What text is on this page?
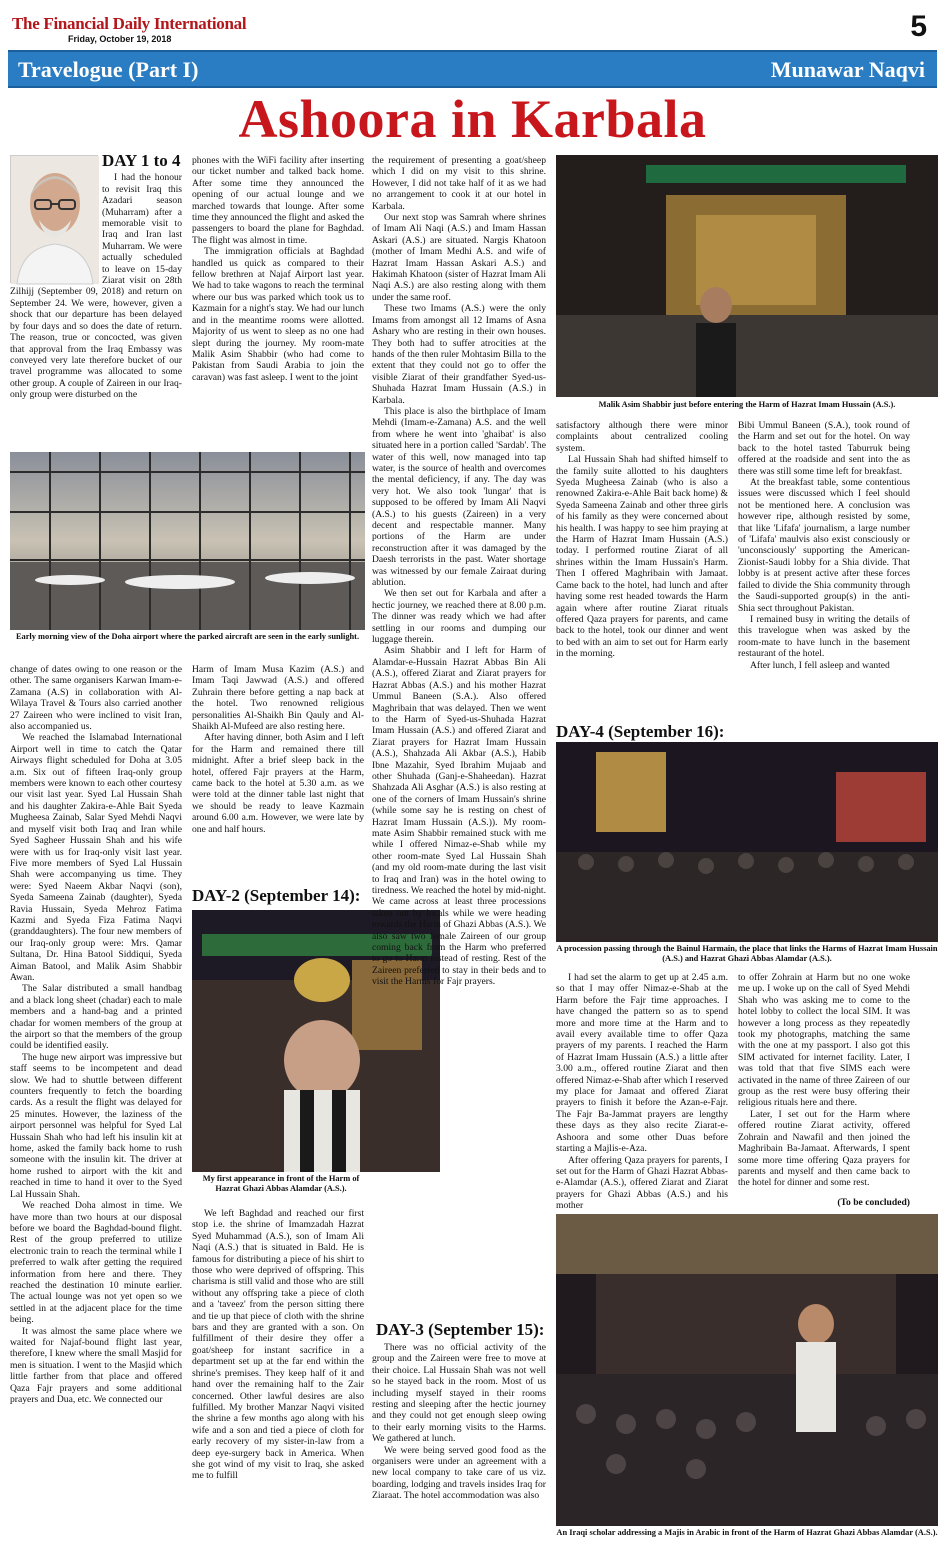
The Financial Daily International
Friday, October 19, 2018	5
Travelogue (Part I)	Munawar Naqvi
Ashoora in Karbala
DAY 1 to 4

I had the honour to revisit Iraq this Azadari season (Muharram) after a memorable visit to Iraq and Iran last Muharram. We were actually scheduled to leave on 15-day Ziarat visit on 28th Zilhijj (September 09, 2018) and return on September 24. We were, however, given a shock that our departure has been delayed by four days and so does the date of return. The reason, true or concocted, was given that approval from the Iraq Embassy was conveyed very late therefore bucket of our travel programme was allocated to some other group. A couple of Zaireen in our Iraq-only group were disturbed on the

Early morning view of the Doha airport where the parked aircraft are seen in the early sunlight.

change of dates owing to one reason or the other. The same organisers Karwan Imam-e-Zamana (A.S) in collaboration with Al-Wilaya Travel & Tours also carried another 27 Zaireen who were inclined to visit Iran, also accompanied us.

We reached the Islamabad International Airport well in time to catch the Qatar Airways flight scheduled for Doha at 3.05 a.m. Six out of fifteen Iraq-only group members were known to each other courtesy our visit last year. Syed Lal Hussain Shah and his daughter Zakira-e-Ahle Bait Syeda Mugheesa Zainab, Salar Syed Mehdi Naqvi and myself visit both Iraq and Iran while Syed Sagheer Hussain Shah and his wife were with us for Iraq-only visit last year. Five more members of Syed Lal Hussain Shah were accompanying us time. They were: Syed Naeem Akbar Naqvi (son), Syeda Sameena Zainab (daughter), Syeda Ravia Hussain, Syeda Mehroz Fatima Kazmi and Syeda Fiza Fatima Naqvi (granddaughters). The four new members of our Iraq-only group were: Mrs. Qamar Sultana, Dr. Hina Batool Siddiqui, Syeda Aiman Batool, and Malik Asim Shabbir Awan.

The Salar distributed a small handbag and a black long sheet (chadar) each to male members and a hand-bag and a printed chadar for women members of the group at the airport so that the members of the group could be identified easily.

The huge new airport was impressive but staff seems to be incompetent and dead slow. We had to shuttle between different counters frequently to fetch the boarding cards. As a result the flight was delayed for 25 minutes. However, the laziness of the airport personnel was helpful for Syed Lal Hussain Shah who had left his insulin kit at home, asked the family back home to rush someone with the insulin kit. The driver at home rushed to airport with the kit and reached in time to hand it over to the Syed Lal Hussain Shah.

We reached Doha almost in time. We have more than two hours at our disposal before we board the Baghdad-bound flight. Rest of the group preferred to utilize electronic train to reach the terminal while I preferred to walk after getting the required information from here and there. They reached the destination 10 minute earlier. The actual lounge was not yet open so we settled in at the adjacent place for the time being.

It was almost the same place where we waited for Najaf-bound flight last year, therefore, I knew where the small Masjid for men is situation. I went to the Masjid which little farther from that place and offered Qaza Fajr prayers and some additional prayers and Dua, etc. We connected our

phones with the WiFi facility after inserting our ticket number and talked back home. After some time they announced the opening of our actual lounge and we marched towards that lounge. After some time they announced the flight and asked the passengers to board the plane for Baghdad. The flight was almost in time.

The immigration officials at Baghdad handled us quick as compared to their fellow brethren at Najaf Airport last year. We had to take wagons to reach the terminal where our bus was parked which took us to Kazmain for a night's stay. We had our lunch and in the meantime rooms were allotted. Majority of us went to sleep as no one had slept during the journey. My room-mate Malik Asim Shabbir (who had come to Pakistan from Saudi Arabia to join the caravan) was fast asleep. I went to the joint

Harm of Imam Musa Kazim (A.S.) and Imam Taqi Jawwad (A.S.) and offered Zuhrain there before getting a nap back at the hotel. Two renowned religious personalities Al-Shaikh Bin Qauly and Al-Shaikh Al-Mufeed are also resting here.

After having dinner, both Asim and I left for the Harm and remained there till midnight. After a brief sleep back in the hotel, offered Fajr prayers at the Harm, came back to the hotel at 5.30 a.m. as we were told at the dinner table last night that we should be ready to leave Kazmain around 6.00 a.m. However, we were late by one and half hours.

DAY-2 (September 14):
My first appearance in front of the Harm of Hazrat Ghazi Abbas Alamdar (A.S.).

We left Baghdad and reached our first stop i.e. the shrine of Imamzadah Hazrat Syed Muhammad (A.S.), son of Imam Ali Naqi (A.S.) that is situated in Bald. He is famous for distributing a piece of his shirt to those who were deprived of offspring. This charisma is still valid and those who are still without any offspring take a piece of cloth and a 'taveez' from the person sitting there and tie up that piece of cloth with the shrine bars and they are granted with a son. On fulfillment of their desire they offer a goat/sheep for instant sacrifice in a department set up at the far end within the shrine's premises. They keep half of it and hand over the remaining half to the Zair concerned. Other lawful desires are also fulfilled. My brother Manzar Naqvi visited the shrine a few months ago along with his wife and a son and tied a piece of cloth for early recovery of my sister-in-law from a deep eye-surgery back in America. When she got wind of my visit to Iraq, she asked me to fulfill

the requirement of presenting a goat/sheep which I did on my visit to this shrine. However, I did not take half of it as we had no arrangement to cook it at our hotel in Karbala.

Our next stop was Samrah where shrines of Imam Ali Naqi (A.S.) and Imam Hassan Askari (A.S.) are situated. Nargis Khatoon (mother of Imam Medhi A.S. and wife of Hazrat Imam Hassan Askari A.S.) and Hakimah Khatoon (sister of Hazrat Imam Ali Naqi A.S.) are also resting along with them under the same roof.

These two Imams (A.S.) were the only Imams from amongst all 12 Imams of Asna Ashary who are resting in their own houses. They both had to suffer atrocities at the hands of the then ruler Mohtasim Billa to the extent that they could not go to offer the visible Ziarat of their grandfather Syed-us-Shuhada Hazrat Imam Hussain (A.S.) in Karbala.

This place is also the birthplace of Imam Mehdi (Imam-e-Zamana) A.S. and the well from where he went into 'ghaibat' is also situated here in a portion called 'Sardab'. The water of this well, now managed into tap water, is the source of health and overcomes the mental deficiency, if any. The day was very hot. We also took 'lungar' that is supposed to be offered by Imam Ali Naqvi (A.S.) to his guests (Zaireen) in a very decent and respectable manner. Many portions of the Harm are under reconstruction after it was damaged by the Daesh terrorists in the past. Water shortage was witnessed by our female Zairaat during ablution.

We then set out for Karbala and after a hectic journey, we reached there at 8.00 p.m. The dinner was ready which we had after settling in our rooms and dumping our luggage therein.

Asim Shabbir and I left for Harm of Alamdar-e-Hussain Hazrat Abbas Bin Ali (A.S.), offered Ziarat and Ziarat prayers for Hazrat Abbas (A.S.) and his mother Hazrat Ummul Baneen (S.A.). Also offered Maghribain that was delayed. Then we went to the Harm of Syed-us-Shuhada Hazrat Imam Hussain (A.S.) and offered Ziarat and Ziarat prayers for Hazrat Imam Hussain (A.S.), Shahzada Ali Akbar (A.S.), Habib Ibne Mazahir, Syed Ibrahim Mujaab and other Shuhada (Ganj-e-Shaheedan). Hazrat Shahzada Ali Asghar (A.S.) is also resting at one of the corners of Imam Hussain's shrine (while some say he is resting on chest of Hazrat Imam Hussain (A.S.)). My room-mate Asim Shabbir remained stuck with me while I offered Nimaz-e-Shab while my other room-mate Syed Lal Hussain Shah (and my old room-mate during the last visit to Iraq and Iran) was in the hotel owing to tiredness. We reached the hotel by mid-night. We came across at least three processions taken out by locals while we were heading towards the Harm of Ghazi Abbas (A.S.). We also saw two female Zaireen of our group coming back from the Harm who preferred to go to Harm instead of resting. Rest of the Zaireen preferred to stay in their beds and to visit the Harms for Fajr prayers.

DAY-3 (September 15):

There was no official activity of the group and the Zaireen were free to move at their choice. Lal Hussain Shah was not well so he stayed back in the room. Most of us including myself stayed in their rooms resting and sleeping after the hectic journey and they could not get enough sleep owing to their early morning visits to the Harms. We gathered at lunch.

We were being served good food as the organisers were under an agreement with a new local company to take care of us viz. boarding, lodging and travels insides Iraq for Ziaraat. The hotel accommodation was also

Malik Asim Shabbir just before entering the Harm of Hazrat Imam Hussain (A.S.).

satisfactory although there were minor complaints about centralized cooling system.

Lal Hussain Shah had shifted himself to the family suite allotted to his daughters Syeda Mugheesa Zainab (who is also a renowned Zakira-e-Ahle Bait back home) & Syeda Sameena Zainab and other three girls of his family as they were concerned about his health. I was happy to see him praying at the Harm of Hazrat Imam Hussain (A.S.) today. I performed routine Ziarat of all shrines within the Imam Hussain's Harm. Then I offered Maghribain with Jamaat. Came back to the hotel, had lunch and after having some rest headed towards the Harm again where after routine Ziarat rituals offered Qaza prayers for parents, and came back to the hotel, took our dinner and went to bed with an aim to set out for Harm early in the morning.

DAY-4 (September 16):

Bibi Ummul Baneen (S.A.), took round of the Harm and set out for the hotel. On way back to the hotel tasted Taburruk being offered at the roadside and sent into the as there was still some time left for breakfast.

At the breakfast table, some contentious issues were discussed which I feel should not be mentioned here. A conclusion was however ripe, although resisted by some, that like 'Lifafa' journalism, a large number of 'Lifafa' maulvis also exist consciously or 'unconsciously' supporting the American-Zionist-Saudi lobby for a Shia divide. That lobby is at present active after these forces failed to divide the Shia community through the Saudi-supported group(s) in the anti-Shia sect throughout Pakistan.

I remained busy in writing the details of this travelogue when was asked by the room-mate to have lunch in the basement restaurant of the hotel.

After lunch, I fell asleep and wanted

A procession passing through the Bainul Harmain, the place that links the Harms of Hazrat Imam Hussain (A.S.) and Hazrat Ghazi Abbas Alamdar (A.S.).

I had set the alarm to get up at 2.45 a.m. so that I may offer Nimaz-e-Shab at the Harm before the Fajr time approaches. I have changed the pattern so as to spend more and more time at the Harm and to avail every available time to offer Qaza prayers of my parents. I reached the Harm of Hazrat Imam Hussain (A.S.) a little after 3.00 a.m., offered routine Ziarat and then offered Nimaz-e-Shab after which I reserved my place for Jamaat and offered Ziarat prayers to finish it before the Azan-e-Fajr. The Fajr Ba-Jammat prayers are lengthy these days as they also recite Ziarat-e-Ashoora and some other Duas before starting a Majlis-e-Aza.

After offering Qaza prayers for parents, I set out for the Harm of Ghazi Hazrat Abbas-e-Alamdar (A.S.), offered Ziarat and Ziarat prayers for Ghazi Abbas (A.S.) and his mother

to offer Zohrain at Harm but no one woke me up. I woke up on the call of Syed Mehdi Shah who was asking me to come to the hotel lobby to collect the local SIM. It was however a long process as they repeatedly took my photographs, matching the same with the one at my passport. I also got this SIM activated for internet facility. Later, I was told that that five SIMS each were activated in the name of three Zaireen of our group as the rest were busy offering their religious rituals here and there.

Later, I set out for the Harm where offered routine Ziarat activity, offered Zohrain and Nawafil and then joined the Maghribain Ba-Jamaat. Afterwards, I spent some more time offering Qaza prayers for parents and myself and then came back to the hotel for dinner and some rest.

(To be concluded)
An Iraqi scholar addressing a Majis in Arabic in front of the Harm of Hazrat Ghazi Abbas Alamdar (A.S.).
